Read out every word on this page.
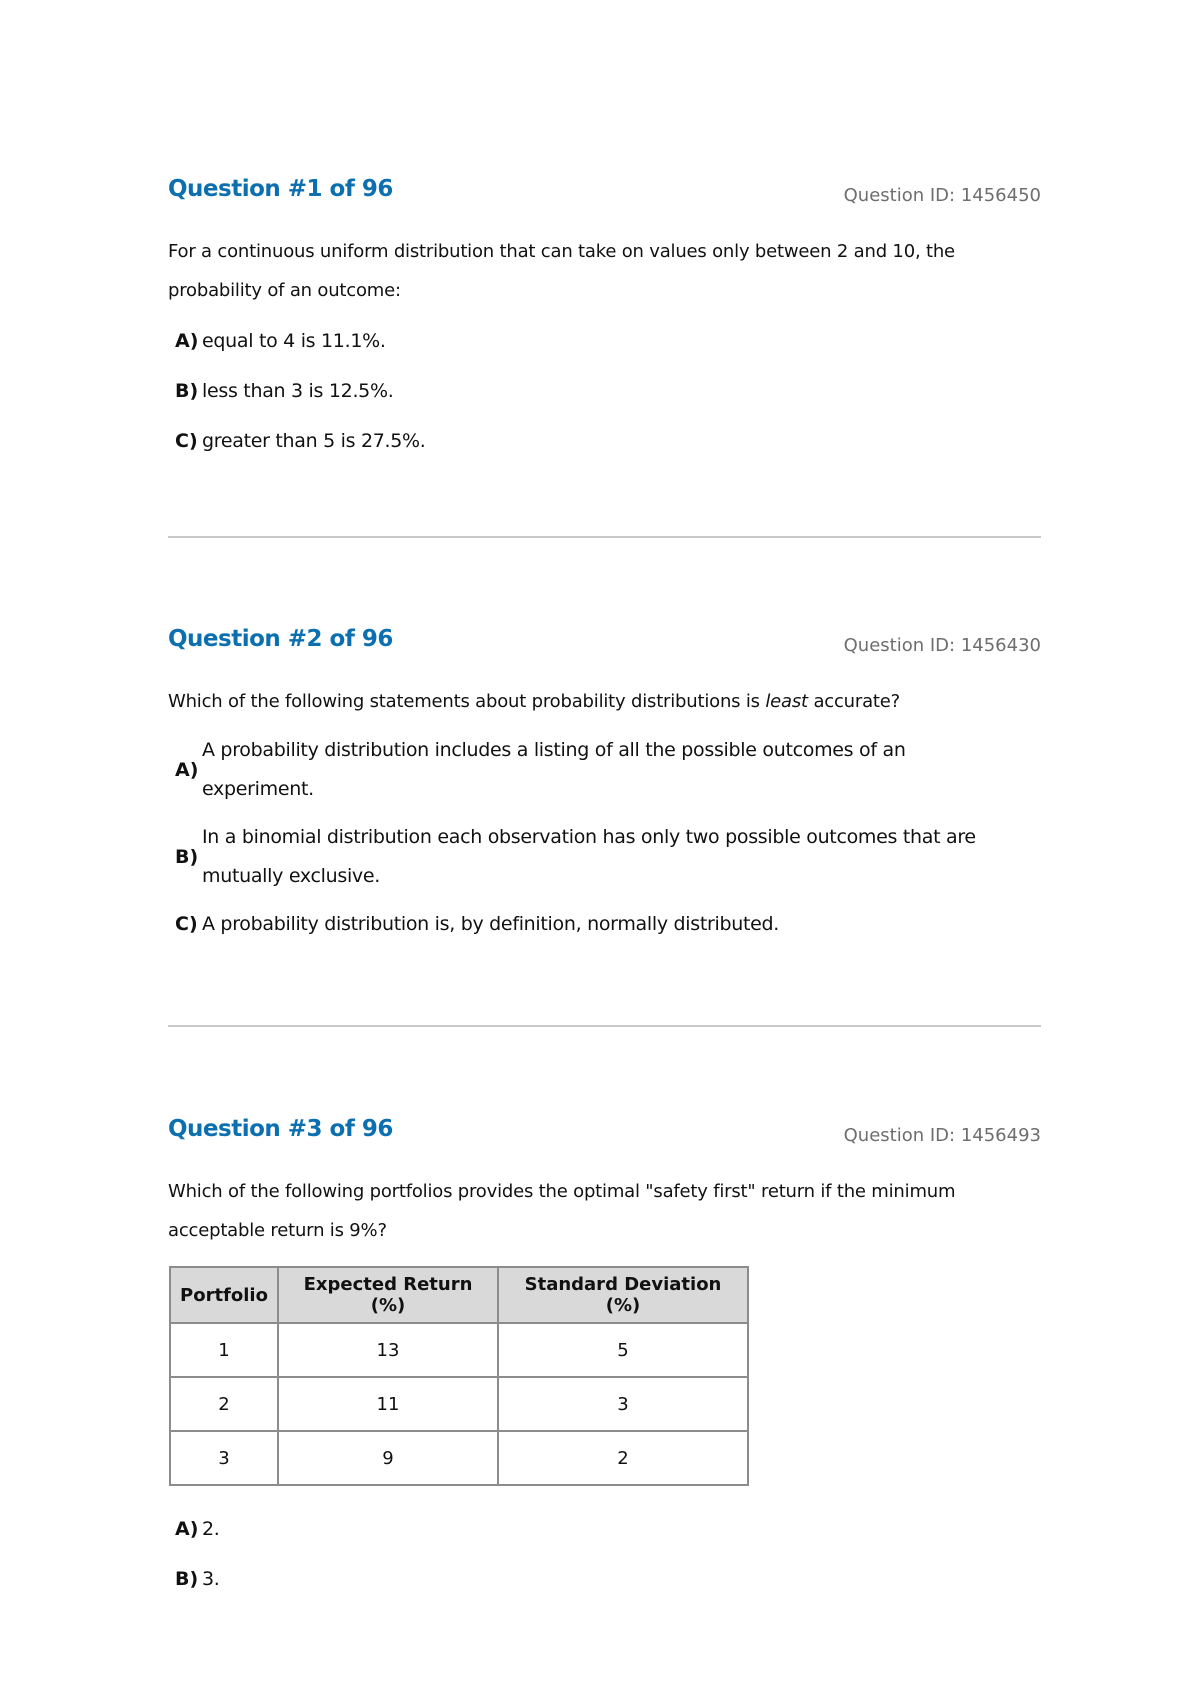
Question #1 of 96	Question ID: 1456450
For a continuous uniform distribution that can take on values only between 2 and 10, the probability of an outcome:
A) equal to 4 is 11.1%.
B) less than 3 is 12.5%.
C) greater than 5 is 27.5%.
Question #2 of 96	Question ID: 1456430
Which of the following statements about probability distributions is least accurate?
A)
A probability distribution includes a listing of all the possible outcomes of an experiment.
B)
In a binomial distribution each observation has only two possible outcomes that are mutually exclusive.
C) A probability distribution is, by definition, normally distributed.
Question #3 of 96	Question ID: 1456493
Which of the following portfolios provides the optimal "safety first" return if the minimum acceptable return is 9%?
Portfolio	Expected Return (%)	Standard Deviation (%)
1	13	5
2	11	3
3	9	2
A) 2.
B) 3.
